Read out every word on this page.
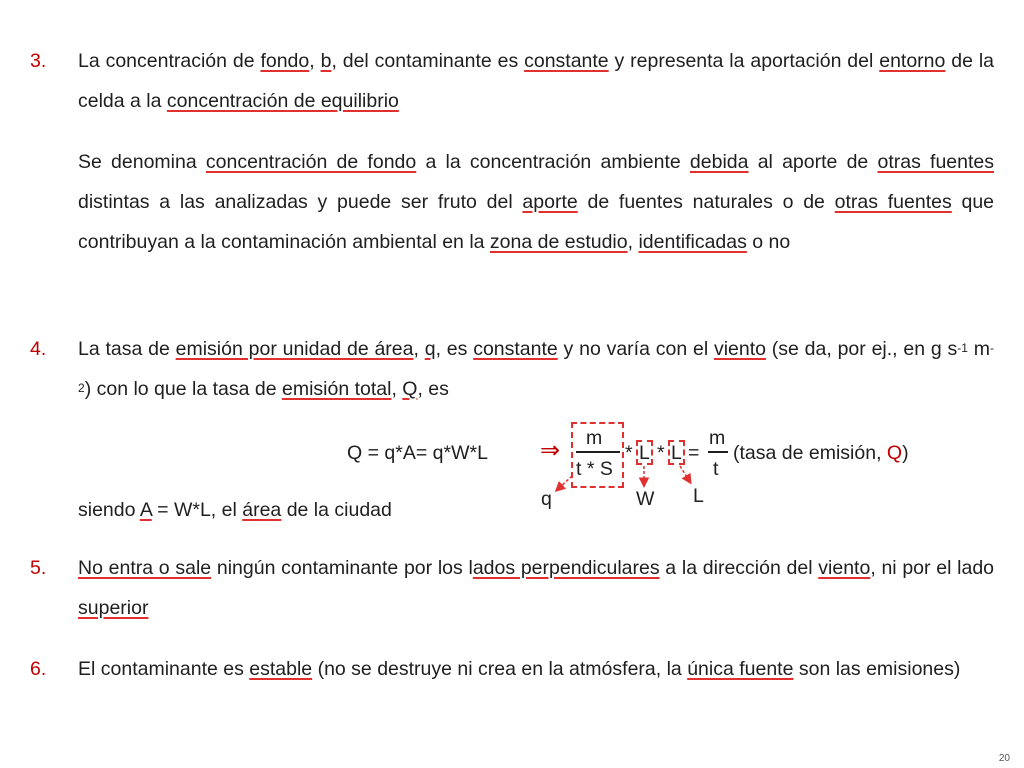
3.	La concentración de fondo, b, del contaminante es constante y representa la aportación del entorno de la celda a la concentración de equilibrio
Se denomina concentración de fondo a la concentración ambiente debida al aporte de otras fuentes distintas a las analizadas y puede ser fruto del aporte de fuentes naturales o de otras fuentes que contribuyan a la contaminación ambiental en la zona de estudio, identificadas o no
4.	La tasa de emisión por unidad de área, q, es constante y no varía con el viento (se da, por ej., en g $s^{-1}$ $m^{-2}$) con lo que la tasa de emisión total, Q, es
Q = q*A= q*W*L ⇒ m
t * S
* L * L =
m
t
(tasa de emisión, Q)
q	W L
siendo A = W*L, el área de la ciudad
5.	No entra o sale ningún contaminante por los lados perpendiculares a la dirección del viento, ni por el lado superior
6.	El contaminante es estable (no se destruye ni crea en la atmósfera, la única fuente son las emisiones)
20
